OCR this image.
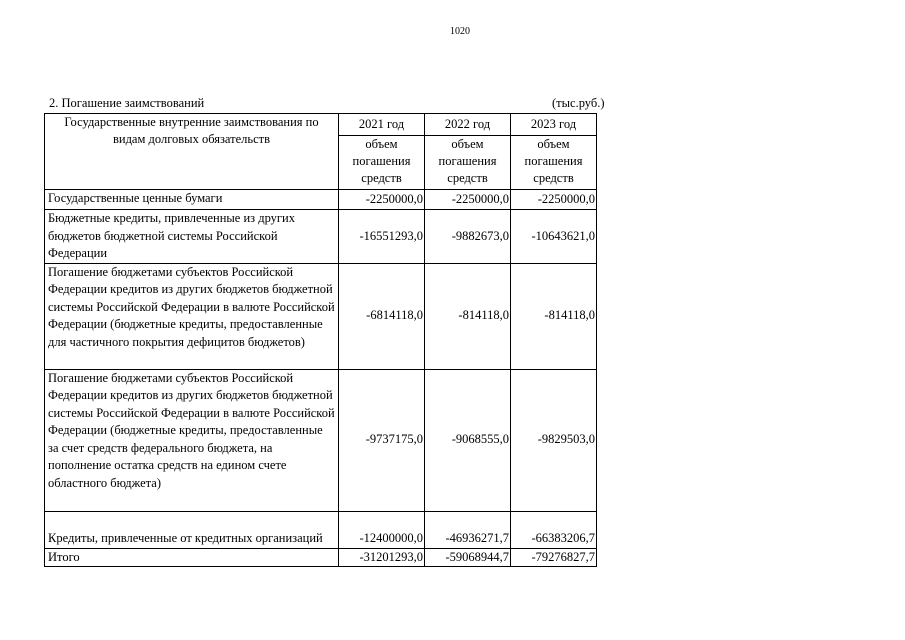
1020
2. Погашение заимствований	(тыс.руб.)
Государственные внутренние заимствования по видам долговых обязательств	2021 год	2022 год	2023 год
	объем погашения средств	объем погашения средств	объем погашения средств
Государственные ценные бумаги	-2250000,0	-2250000,0	-2250000,0
Бюджетные кредиты, привлеченные из других бюджетов бюджетной системы Российской Федерации	-16551293,0	-9882673,0	-10643621,0
Погашение бюджетами субъектов Российской Федерации кредитов из других бюджетов бюджетной системы Российской Федерации в валюте Российской Федерации (бюджетные кредиты, предоставленные для частичного покрытия дефицитов бюджетов)	-6814118,0	-814118,0	-814118,0
Погашение бюджетами субъектов Российской Федерации кредитов из других бюджетов бюджетной системы Российской Федерации в валюте Российской Федерации (бюджетные кредиты, предоставленные за счет средств федерального бюджета, на пополнение остатка средств на едином счете областного бюджета)	-9737175,0	-9068555,0	-9829503,0
Кредиты, привлеченные от кредитных организаций	-12400000,0	-46936271,7	-66383206,7
Итого	-31201293,0	-59068944,7	-79276827,7
